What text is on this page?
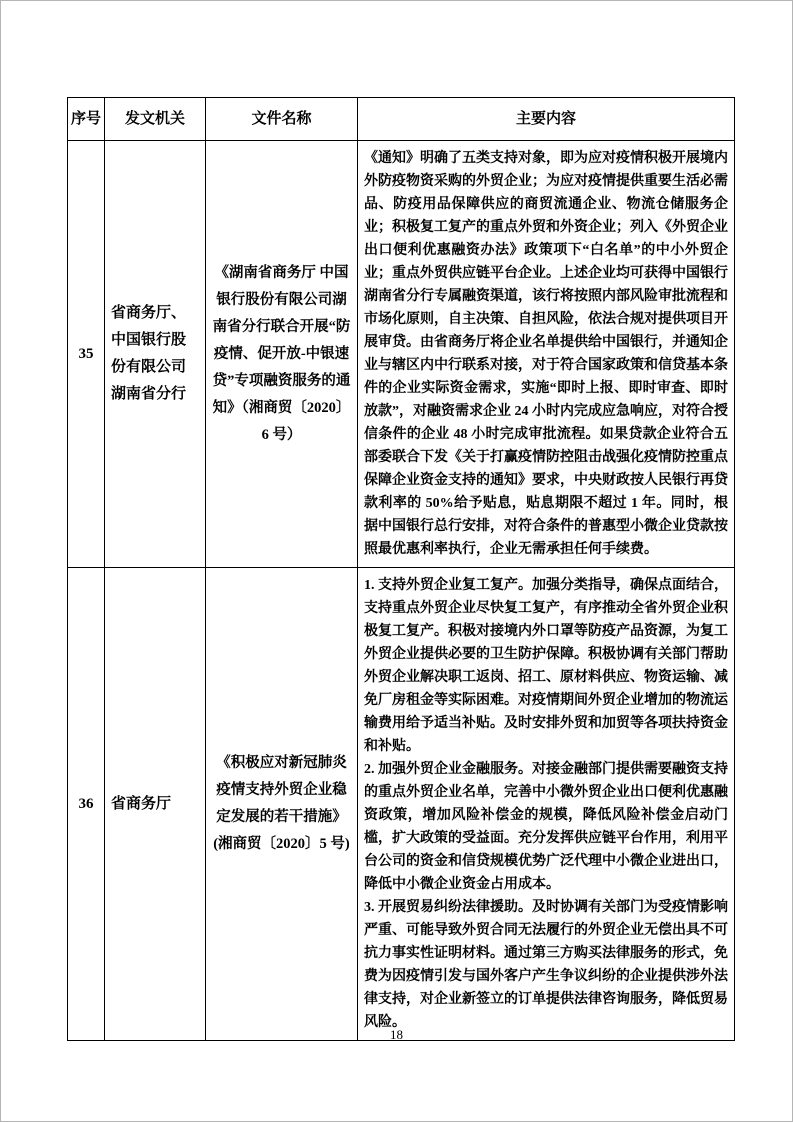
序号	发文机关	文件名称	主要内容
35	省商务厅、中国银行股份有限公司湖南省分行	《湖南省商务厅 中国银行股份有限公司湖南省分行联合开展“防疫情、促开放-中银速贷”专项融资服务的通知》（湘商贸〔2020〕6 号）	《通知》明确了五类支持对象，即为应对疫情积极开展境内外防疫物资采购的外贸企业；为应对疫情提供重要生活必需品、防疫用品保障供应的商贸流通企业、物流仓储服务企业；积极复工复产的重点外贸和外资企业；列入《外贸企业出口便利优惠融资办法》政策项下“白名单”的中小外贸企业；重点外贸供应链平台企业。上述企业均可获得中国银行湖南省分行专属融资渠道，该行将按照内部风险审批流程和市场化原则，自主决策、自担风险，依法合规对提供项目开展审贷。由省商务厅将企业名单提供给中国银行，并通知企业与辖区内中行联系对接，对于符合国家政策和信贷基本条件的企业实际资金需求，实施“即时上报、即时审查、即时放款”，对融资需求企业 24 小时内完成应急响应，对符合授信条件的企业 48 小时完成审批流程。如果贷款企业符合五部委联合下发《关于打赢疫情防控阻击战强化疫情防控重点保障企业资金支持的通知》要求，中央财政按人民银行再贷款利率的 50%给予贴息，贴息期限不超过 1 年。同时，根据中国银行总行安排，对符合条件的普惠型小微企业贷款按照最优惠利率执行，企业无需承担任何手续费。

36	省商务厅	《积极应对新冠肺炎疫情支持外贸企业稳定发展的若干措施》(湘商贸〔2020〕5 号)	1. 支持外贸企业复工复产。加强分类指导，确保点面结合，支持重点外贸企业尽快复工复产，有序推动全省外贸企业积极复工复产。积极对接境内外口罩等防疫产品资源，为复工外贸企业提供必要的卫生防护保障。积极协调有关部门帮助外贸企业解决职工返岗、招工、原材料供应、物资运输、减免厂房租金等实际困难。对疫情期间外贸企业增加的物流运输费用给予适当补贴。及时安排外贸和加贸等各项扶持资金和补贴。

2. 加强外贸企业金融服务。对接金融部门提供需要融资支持的重点外贸企业名单，完善中小微外贸企业出口便利优惠融资政策，增加风险补偿金的规模，降低风险补偿金启动门槛，扩大政策的受益面。充分发挥供应链平台作用，利用平台公司的资金和信贷规模优势广泛代理中小微企业进出口，降低中小微企业资金占用成本。

3. 开展贸易纠纷法律援助。及时协调有关部门为受疫情影响严重、可能导致外贸合同无法履行的外贸企业无偿出具不可抗力事实性证明材料。通过第三方购买法律服务的形式，免费为因疫情引发与国外客户产生争议纠纷的企业提供涉外法律支持，对企业新签立的订单提供法律咨询服务，降低贸易风险。

18
